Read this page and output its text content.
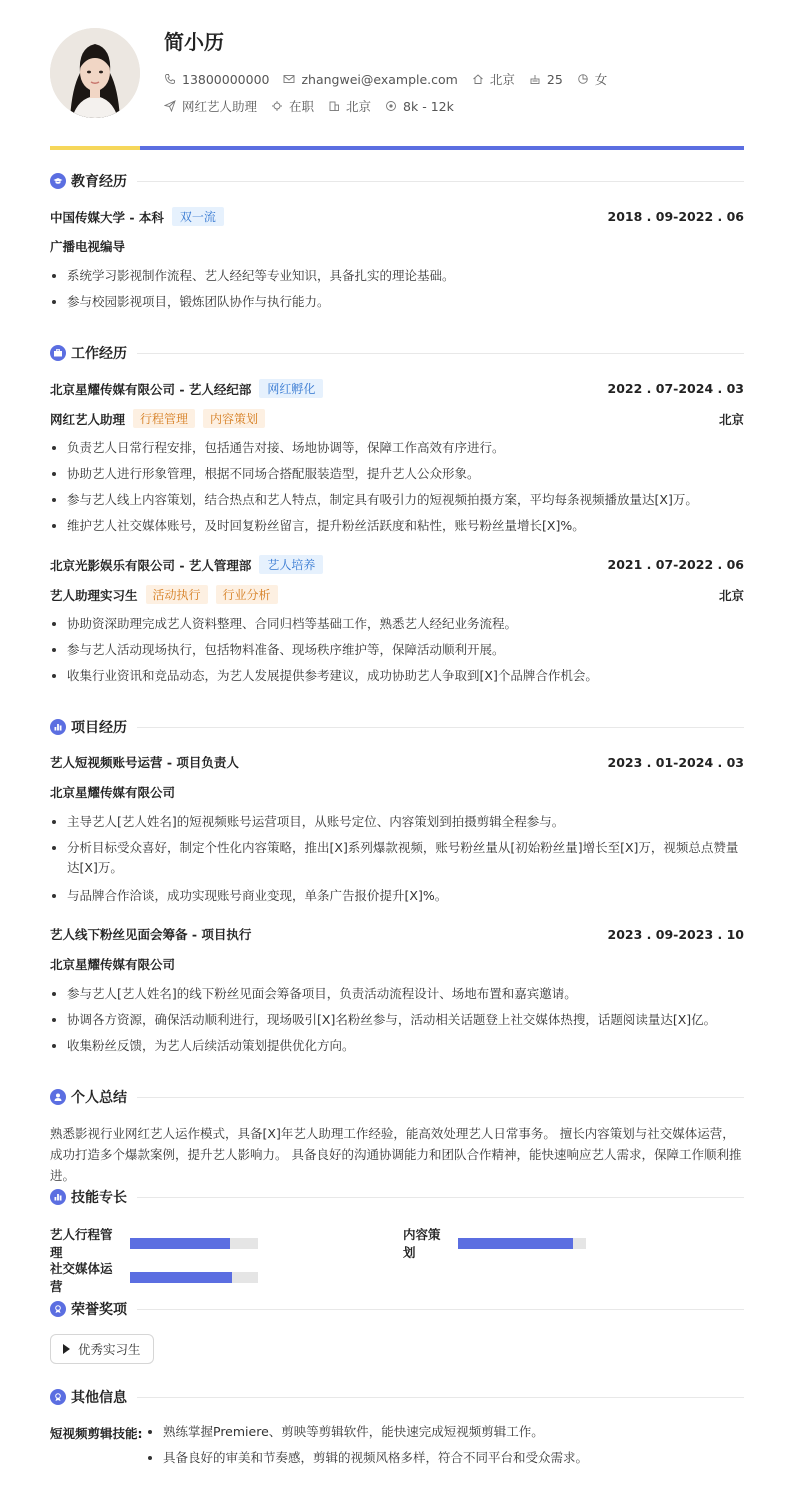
简小历
13800000000	zhangwei@example.com	北京	25	女
网红艺人助理	在职	北京	8k - 12k
教育经历
中国传媒大学 - 本科	双一流	2018 . 09-2022 . 06
广播电视编导
系统学习影视制作流程、艺人经纪等专业知识，具备扎实的理论基础。
参与校园影视项目，锻炼团队协作与执行能力。
工作经历
北京星耀传媒有限公司 - 艺人经纪部	网红孵化	2022 . 07-2024 . 03
网红艺人助理	行程管理	内容策划	北京
负责艺人日常行程安排，包括通告对接、场地协调等，保障工作高效有序进行。
协助艺人进行形象管理，根据不同场合搭配服装造型，提升艺人公众形象。
参与艺人线上内容策划，结合热点和艺人特点，制定具有吸引力的短视频拍摄方案，平均每条视频播放量达[X]万。
维护艺人社交媒体账号，及时回复粉丝留言，提升粉丝活跃度和粘性，账号粉丝量增长[X]%。
北京光影娱乐有限公司 - 艺人管理部	艺人培养	2021 . 07-2022 . 06
艺人助理实习生	活动执行	行业分析	北京
协助资深助理完成艺人资料整理、合同归档等基础工作，熟悉艺人经纪业务流程。
参与艺人活动现场执行，包括物料准备、现场秩序维护等，保障活动顺利开展。
收集行业资讯和竞品动态，为艺人发展提供参考建议，成功协助艺人争取到[X]个品牌合作机会。
项目经历
艺人短视频账号运营 - 项目负责人	2023 . 01-2024 . 03
北京星耀传媒有限公司
主导艺人[艺人姓名]的短视频账号运营项目，从账号定位、内容策划到拍摄剪辑全程参与。
分析目标受众喜好，制定个性化内容策略，推出[X]系列爆款视频，账号粉丝量从[初始粉丝量]增长至[X]万，视频总点赞量达[X]万。
与品牌合作洽谈，成功实现账号商业变现，单条广告报价提升[X]%。
艺人线下粉丝见面会筹备 - 项目执行	2023 . 09-2023 . 10
北京星耀传媒有限公司
参与艺人[艺人姓名]的线下粉丝见面会筹备项目，负责活动流程设计、场地布置和嘉宾邀请。
协调各方资源，确保活动顺利进行，现场吸引[X]名粉丝参与，活动相关话题登上社交媒体热搜，话题阅读量达[X]亿。
收集粉丝反馈，为艺人后续活动策划提供优化方向。
个人总结
熟悉影视行业网红艺人运作模式，具备[X]年艺人助理工作经验，能高效处理艺人日常事务。 擅长内容策划与社交媒体运营，成功打造多个爆款案例，提升艺人影响力。 具备良好的沟通协调能力和团队合作精神，能快速响应艺人需求，保障工作顺利推进。
技能专长
艺人行程管理
内容策划
社交媒体运营
荣誉奖项
优秀实习生
其他信息
短视频剪辑技能:	熟练掌握Premiere、剪映等剪辑软件，能快速完成短视频剪辑工作。
具备良好的审美和节奏感，剪辑的视频风格多样，符合不同平台和受众需求。
